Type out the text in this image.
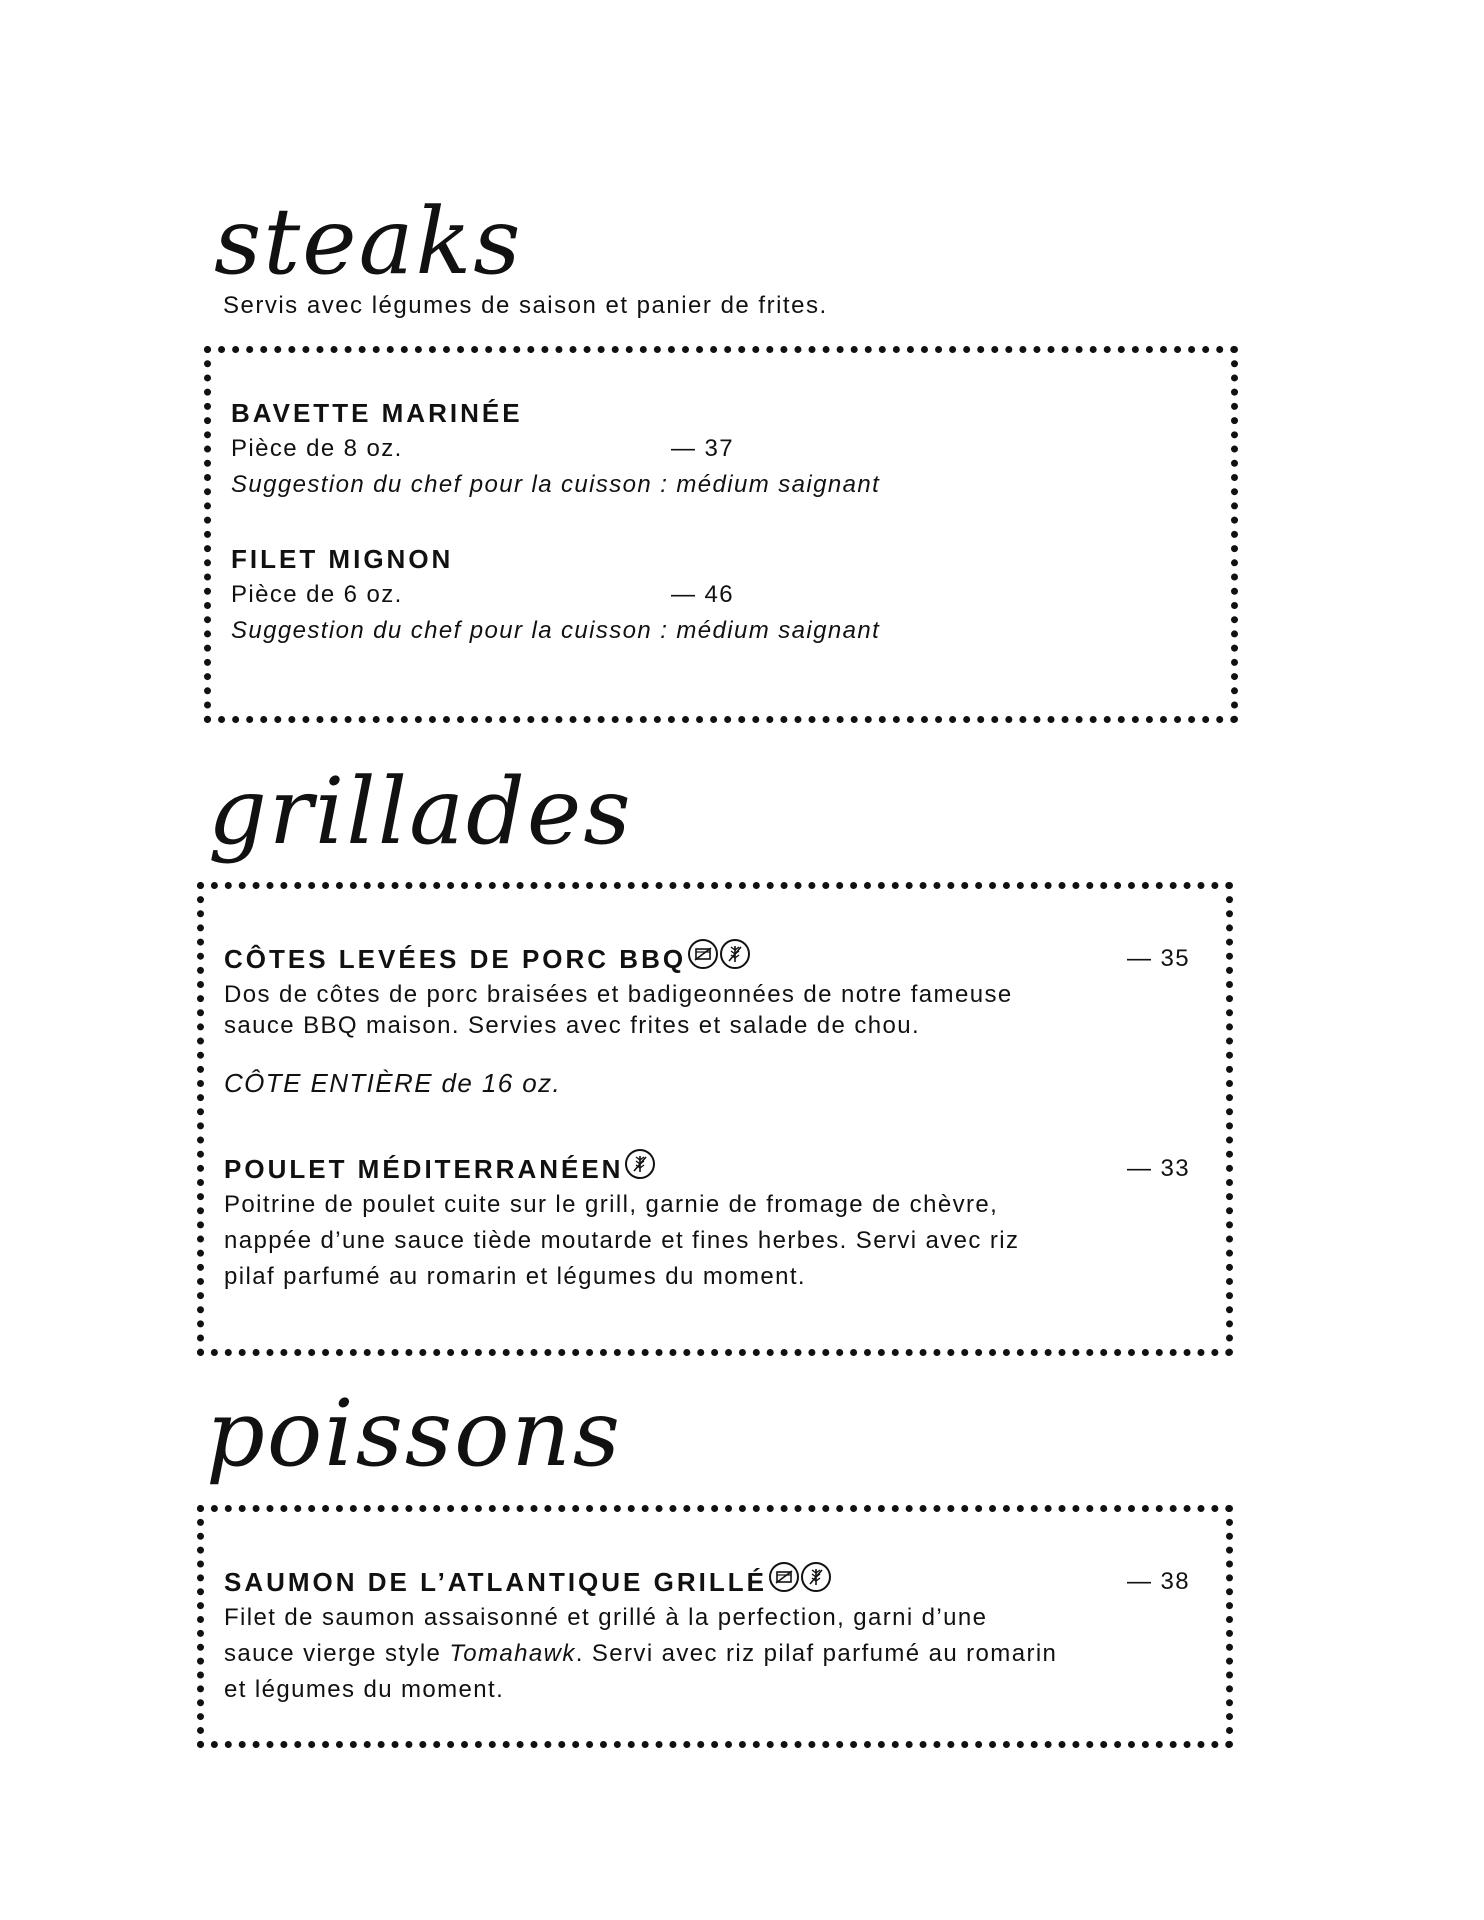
steaks

Servis avec légumes de saison et panier de frites.

BAVETTE MARINÉE
Pièce de 8 oz.	— 37
Suggestion du chef pour la cuisson : médium saignant
FILET MIGNON
Pièce de 6 oz.	— 46
Suggestion du chef pour la cuisson : médium saignant
grillades
CÔTES LEVÉES DE PORC BBQ	— 35
Dos de côtes de porc braisées et badigeonnées de notre fameuse
sauce BBQ maison. Servies avec frites et salade de chou.
CÔTE ENTIÈRE de 16 oz.
POULET MÉDITERRANÉEN	— 33
Poitrine de poulet cuite sur le grill, garnie de fromage de chèvre,
nappée d’une sauce tiède moutarde et fines herbes. Servi avec riz
pilaf parfumé au romarin et légumes du moment.
poissons
SAUMON DE L’ATLANTIQUE GRILLÉ	— 38
Filet de saumon assaisonné et grillé à la perfection, garni d’une
sauce vierge style Tomahawk. Servi avec riz pilaf parfumé au romarin
et légumes du moment.
